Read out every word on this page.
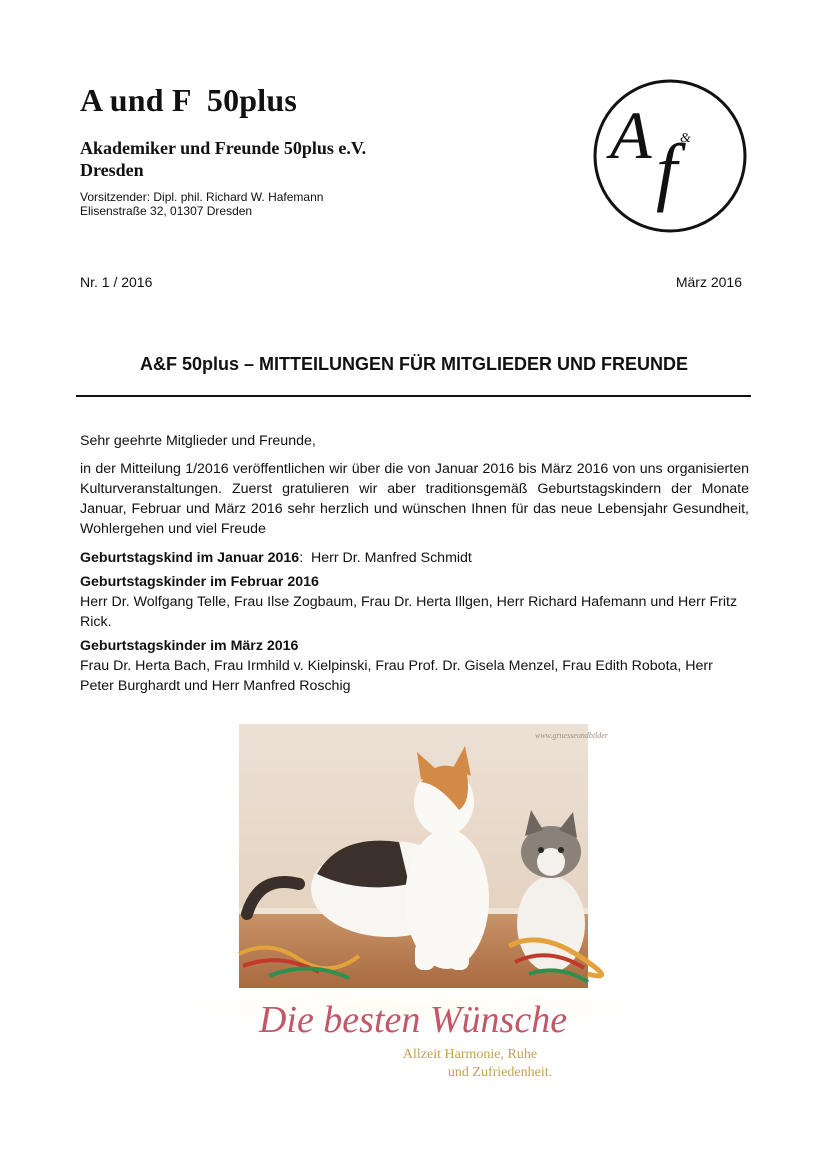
A und F  50plus
Akademiker und Freunde 50plus e.V.
Dresden
Vorsitzender: Dipl. phil. Richard W. Hafemann
Elisenstraße 32, 01307 Dresden
A &
f
Nr. 1 / 2016	März 2016
A&F 50plus – MITTEILUNGEN FÜR MITGLIEDER UND FREUNDE
Sehr geehrte Mitglieder und Freunde,
in der Mitteilung 1/2016 veröffentlichen wir über die von Januar 2016 bis März 2016 von uns organisierten Kulturveranstaltungen. Zuerst gratulieren wir aber traditionsgemäß Geburtstagskindern der Monate Januar, Februar und März 2016 sehr herzlich und wünschen Ihnen für das neue Lebensjahr Gesundheit, Wohlergehen und viel Freude
Geburtstagskind im Januar 2016:  Herr Dr. Manfred Schmidt
Geburtstagskinder im Februar 2016
Herr Dr. Wolfgang Telle, Frau Ilse Zogbaum, Frau Dr. Herta Illgen, Herr Richard Hafemann und Herr Fritz Rick.
Geburtstagskinder im März 2016
Frau Dr. Herta Bach, Frau Irmhild v. Kielpinski, Frau Prof. Dr. Gisela Menzel, Frau Edith Robota, Herr Peter Burghardt und Herr Manfred Roschig
www.gruesseundbilder
Die besten Wünsche
Allzeit Harmonie, Ruhe
und Zufriedenheit.
